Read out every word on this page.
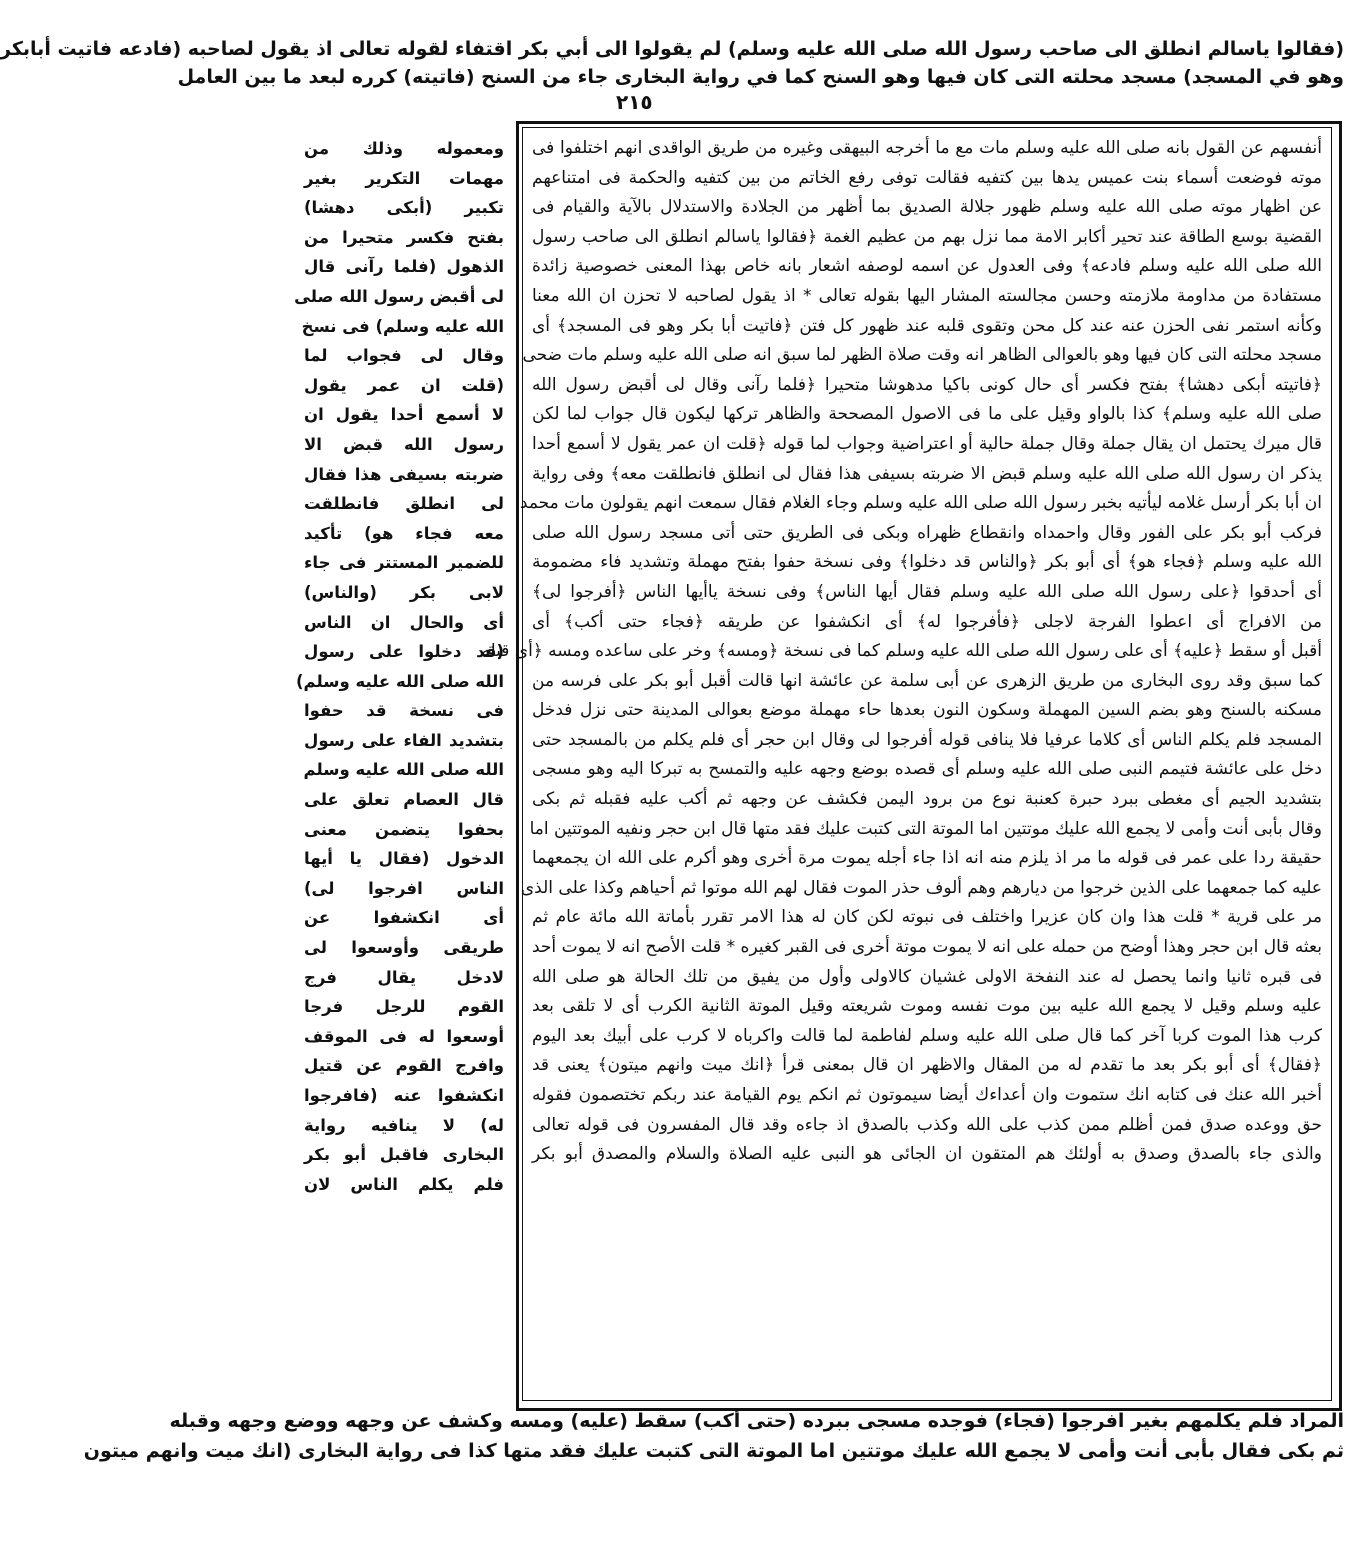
(فقالوا ياسالم انطلق الى صاحب رسول الله صلى الله عليه وسلم) لم يقولوا الى أبي بكر اقتفاء لقوله تعالى اذ يقول لصاحبه (فادعه فاتيت أبابكر
وهو في المسجد) مسجد محلته التى كان فيها وهو السنح كما في رواية البخارى جاء من السنح (فاتيته) كرره لبعد ما بين العامل
٢١٥
أنفسهم عن القول بانه صلى الله عليه وسلم مات مع ما أخرجه البيهقى وغيره من طريق الواقدى انهم اختلفوا فى
موته فوضعت أسماء بنت عميس يدها بين كتفيه فقالت توفى رفع الخاتم من بين كتفيه والحكمة فى امتناعهم
عن اظهار موته صلى الله عليه وسلم ظهور جلالة الصديق بما أظهر من الجلادة والاستدلال بالآية والقيام فى
القضية بوسع الطاقة عند تحير أكابر الامة مما نزل بهم من عظيم الغمة ﴿فقالوا ياسالم انطلق الى صاحب رسول
الله صلى الله عليه وسلم فادعه﴾ وفى العدول عن اسمه لوصفه اشعار بانه خاص بهذا المعنى خصوصية زائدة
مستفادة من مداومة ملازمته وحسن مجالسته المشار اليها بقوله تعالى * اذ يقول لصاحبه لا تحزن ان الله معنا
وكأنه استمر نفى الحزن عنه عند كل محن وتقوى قلبه عند ظهور كل فتن ﴿فاتيت أبا بكر وهو فى المسجد﴾ أى
مسجد محلته التى كان فيها وهو بالعوالى الظاهر انه وقت صلاة الظهر لما سبق انه صلى الله عليه وسلم مات ضحى
﴿فاتيته أبكى دهشا﴾ بفتح فكسر أى حال كونى باكيا مدهوشا متحيرا ﴿فلما رآنى وقال لى أقبض رسول الله
صلى الله عليه وسلم﴾ كذا بالواو وقيل على ما فى الاصول المصححة والظاهر تركها ليكون قال جواب لما لكن
قال ميرك يحتمل ان يقال جملة وقال جملة حالية أو اعتراضية وجواب لما قوله ﴿قلت ان عمر يقول لا أسمع أحدا
يذكر ان رسول الله صلى الله عليه وسلم قبض الا ضربته بسيفى هذا فقال لى انطلق فانطلقت معه﴾ وفى رواية
ان أبا بكر أرسل غلامه ليأتيه بخبر رسول الله صلى الله عليه وسلم وجاء الغلام فقال سمعت انهم يقولون مات محمد
فركب أبو بكر على الفور وقال واحمداه وانقطاع ظهراه وبكى فى الطريق حتى أتى مسجد رسول الله صلى
الله عليه وسلم ﴿فجاء هو﴾ أى أبو بكر ﴿والناس قد دخلوا﴾ وفى نسخة حفوا بفتح مهملة وتشديد فاء مضمومة
أى أحدقوا ﴿على رسول الله صلى الله عليه وسلم فقال أيها الناس﴾ وفى نسخة ياأيها الناس ﴿أفرجوا لى﴾
من الافراج أى اعطوا الفرجة لاجلى ﴿فأفرجوا له﴾ أى انكشفوا عن طريقه ﴿فجاء حتى أكب﴾ أى
أقبل أو سقط ﴿عليه﴾ أى على رسول الله صلى الله عليه وسلم كما فى نسخة ﴿ومسه﴾ وخر على ساعده ومسه ﴿أى قبله
كما سبق وقد روى البخارى من طريق الزهرى عن أبى سلمة عن عائشة انها قالت أقبل أبو بكر على فرسه من
مسكنه بالسنح وهو بضم السين المهملة وسكون النون بعدها حاء مهملة موضع بعوالى المدينة حتى نزل فدخل
المسجد فلم يكلم الناس أى كلاما عرفيا فلا ينافى قوله أفرجوا لى وقال ابن حجر أى فلم يكلم من بالمسجد حتى
دخل على عائشة فتيمم النبى صلى الله عليه وسلم أى قصده بوضع وجهه عليه والتمسح به تبركا اليه وهو مسجى
بتشديد الجيم أى مغطى ببرد حبرة كعنبة نوع من برود اليمن فكشف عن وجهه ثم أكب عليه فقبله ثم بكى
وقال بأبى أنت وأمى لا يجمع الله عليك موتتين اما الموتة التى كتبت عليك فقد متها قال ابن حجر ونفيه الموتتين اما
حقيقة ردا على عمر فى قوله ما مر اذ يلزم منه انه اذا جاء أجله يموت مرة أخرى وهو أكرم على الله ان يجمعهما
عليه كما جمعهما على الذين خرجوا من ديارهم وهم ألوف حذر الموت فقال لهم الله موتوا ثم أحياهم وكذا على الذى
مر على قرية * قلت هذا وان كان عزيرا واختلف فى نبوته لكن كان له هذا الامر تقرر بأماتة الله مائة عام ثم
بعثه قال ابن حجر وهذا أوضح من حمله على انه لا يموت موتة أخرى فى القبر كغيره * قلت الأصح انه لا يموت أحد
فى قبره ثانيا وانما يحصل له عند النفخة الاولى غشيان كالاولى وأول من يفيق من تلك الحالة هو صلى الله
عليه وسلم وقيل لا يجمع الله عليه بين موت نفسه وموت شريعته وقيل الموتة الثانية الكرب أى لا تلقى بعد
كرب هذا الموت كربا آخر كما قال صلى الله عليه وسلم لفاطمة لما قالت واكرباه لا كرب على أبيك بعد اليوم
﴿فقال﴾ أى أبو بكر بعد ما تقدم له من المقال والاظهر ان قال بمعنى قرأ ﴿انك ميت وانهم ميتون﴾ يعنى قد
أخبر الله عنك فى كتابه انك ستموت وان أعداءك أيضا سيموتون ثم انكم يوم القيامة عند ربكم تختصمون فقوله
حق ووعده صدق فمن أظلم ممن كذب على الله وكذب بالصدق اذ جاءه وقد قال المفسرون فى قوله تعالى
والذى جاء بالصدق وصدق به أولئك هم المتقون ان الجائى هو النبى عليه الصلاة والسلام والمصدق أبو بكر
ومعموله وذلك من
مهمات التكرير بغير
تكبير (أبكى دهشا)
بفتح فكسر متحيرا من
الذهول (فلما رآنى قال
لى أقبض رسول الله صلى
الله عليه وسلم) فى نسخ
وقال لى فجواب لما
(قلت ان عمر يقول
لا أسمع أحدا يقول ان
رسول الله قبض الا
ضربته بسيفى هذا فقال
لى انطلق فانطلقت
معه فجاء هو) تأكيد
للضمير المستتر فى جاء
لابى بكر (والناس)
أى والحال ان الناس
(قد دخلوا على رسول
الله صلى الله عليه وسلم)
فى نسخة قد حفوا
بتشديد الفاء على رسول
الله صلى الله عليه وسلم
قال العصام تعلق على
بحفوا يتضمن معنى
الدخول (فقال يا أيها
الناس افرجوا لى)
أى انكشفوا عن
طريقى وأوسعوا لى
لادخل يقال فرج
القوم للرجل فرجا
أوسعوا له فى الموقف
وافرج القوم عن قتيل
انكشفوا عنه (فافرجوا
له) لا ينافيه رواية
البخارى فاقبل أبو بكر
فلم يكلم الناس لان
المراد فلم يكلمهم بغير افرجوا (فجاء) فوجده مسجى ببرده (حتى أكب) سقط (عليه) ومسه وكشف عن وجهه ووضع وجهه وقبله
ثم بكى فقال بأبى أنت وأمى لا يجمع الله عليك موتتين اما الموتة التى كتبت عليك فقد متها كذا فى رواية البخارى (انك ميت وانهم ميتون
